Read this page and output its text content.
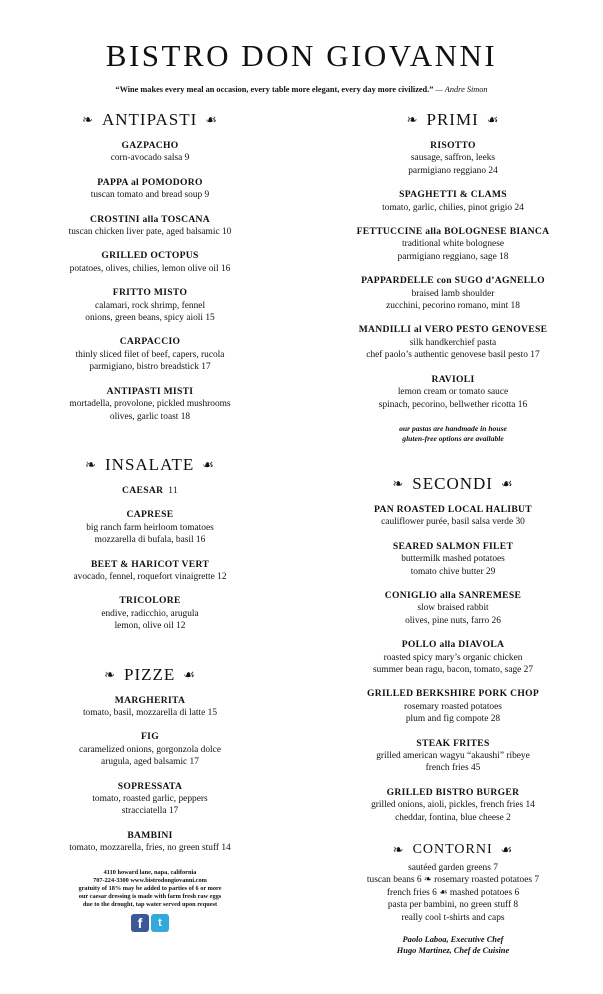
BISTRO DON GIOVANNI
“Wine makes every meal an occasion, every table more elegant, every day more civilized.” — Andre Simon
❧ ANTIPASTI ☙
GAZPACHO
corn-avocado salsa 9
PAPPA al POMODORO
tuscan tomato and bread soup 9
CROSTINI alla TOSCANA
tuscan chicken liver pate, aged balsamic 10
GRILLED OCTOPUS
potatoes, olives, chilies, lemon olive oil 16
FRITTO MISTO
calamari, rock shrimp, fennel
onions, green beans, spicy aioli 15
CARPACCIO
thinly sliced filet of beef, capers, rucola
parmigiano, bistro breadstick 17
ANTIPASTI MISTI
mortadella, provolone, pickled mushrooms
olives, garlic toast 18
❧ INSALATE ☙
CAESAR 11
CAPRESE
big ranch farm heirloom tomatoes
mozzarella di bufala, basil 16
BEET & HARICOT VERT
avocado, fennel, roquefort vinaigrette 12
TRICOLORE
endive, radicchio, arugula
lemon, olive oil 12
❧ PIZZE ☙
MARGHERITA
tomato, basil, mozzarella di latte 15
FIG
caramelized onions, gorgonzola dolce
arugula, aged balsamic 17
SOPRESSATA
tomato, roasted garlic, peppers
stracciatella 17
BAMBINI
tomato, mozzarella, fries, no green stuff 14
4110 howard lane, napa, california
707-224-3300 www.bistrodongiovanni.com
gratuity of 18% may be added to parties of 6 or more
our caesar dressing is made with farm fresh raw eggs
due to the drought, tap water served upon request
f	t
❧ PRIMI ☙
RISOTTO
sausage, saffron, leeks
parmigiano reggiano 24
SPAGHETTI & CLAMS
tomato, garlic, chilies, pinot grigio 24
FETTUCCINE alla BOLOGNESE BIANCA
traditional white bolognese
parmigiano reggiano, sage 18
PAPPARDELLE con SUGO d’AGNELLO
braised lamb shoulder
zucchini, pecorino romano, mint 18
MANDILLI al VERO PESTO GENOVESE
silk handkerchief pasta
chef paolo’s authentic genovese basil pesto 17
RAVIOLI
lemon cream or tomato sauce
spinach, pecorino, bellwether ricotta 16
our pastas are handmade in house
gluten-free options are available
❧ SECONDI ☙
PAN ROASTED LOCAL HALIBUT
cauliflower purée, basil salsa verde 30
SEARED SALMON FILET
buttermilk mashed potatoes
tomato chive butter 29
CONIGLIO alla SANREMESE
slow braised rabbit
olives, pine nuts, farro 26
POLLO alla DIAVOLA
roasted spicy mary’s organic chicken
summer bean ragu, bacon, tomato, sage 27
GRILLED BERKSHIRE PORK CHOP
rosemary roasted potatoes
plum and fig compote 28
STEAK FRITES
grilled american wagyu “akaushi” ribeye
french fries 45
GRILLED BISTRO BURGER
grilled onions, aioli, pickles, french fries 14
cheddar, fontina, blue cheese 2
❧ CONTORNI ☙
sautéed garden greens 7
tuscan beans 6 ❧ rosemary roasted potatoes 7
french fries 6 ☙ mashed potatoes 6
pasta per bambini, no green stuff 8
really cool t-shirts and caps
Paolo Laboa, Executive Chef
Hugo Martinez, Chef de Cuisine
